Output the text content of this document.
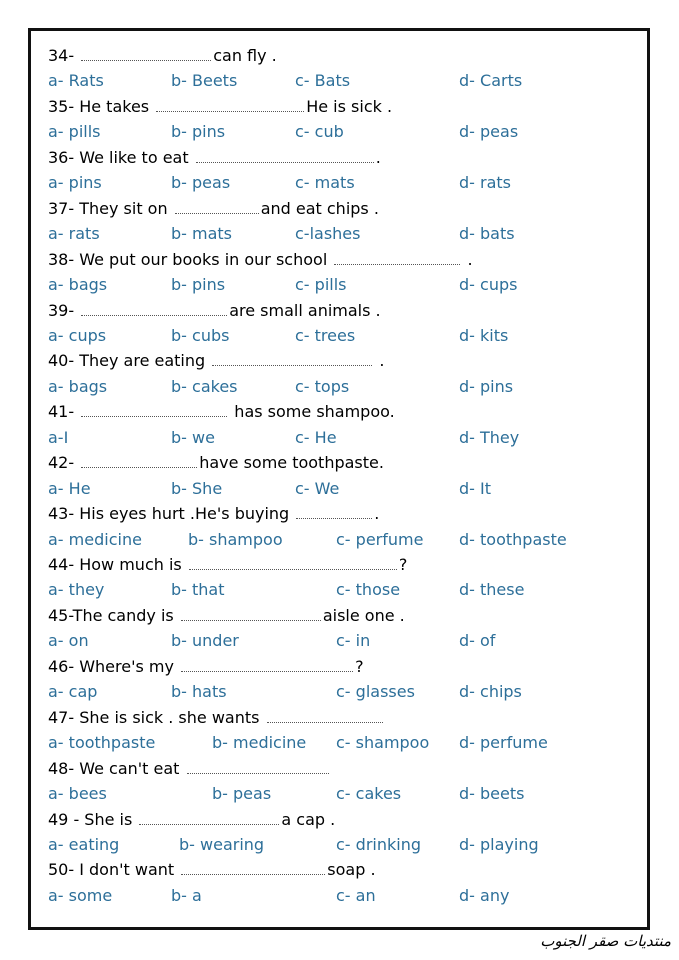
34-	can fly .
a- Rats	b- Beets	c- Bats	d- Carts
35- He takes	He is sick .
a- pills	b- pins	c- cub	d- peas
36- We like to eat	.
a- pins	b- peas	c- mats	d- rats
37- They sit on	and eat chips .
a- rats	b- mats	c-lashes	d- bats
38- We put our books in our school	.
a- bags	b- pins	c- pills	d- cups
39-	are small animals .
a- cups	b- cubs	c- trees	d- kits
40- They are eating	.
a- bags	b- cakes	c- tops	d- pins
41-	has some shampoo.
a-I	b- we	c- He	d- They
42-	have some toothpaste.
a- He	b- She	c- We	d- It
43- His eyes hurt .He's buying	.
a- medicine	b- shampoo	c- perfume d- toothpaste
44- How much is	?
a- they	b- that	c- those	d- these
45-The candy is	aisle one .
a- on	b- under	c- in	d- of
46- Where's my	?
a- cap	b- hats	c- glasses	d- chips
47- She is sick . she wants
a- toothpaste	b- medicine c- shampoo d- perfume
48- We can't eat
a- bees	b- peas	c- cakes	d- beets
49 - She is	a cap .
a- eating	b- wearing	c- drinking d- playing
50- I don't want	soap .
a- some	b- a	c- an	d- any
منتديات صقر الجنوب
